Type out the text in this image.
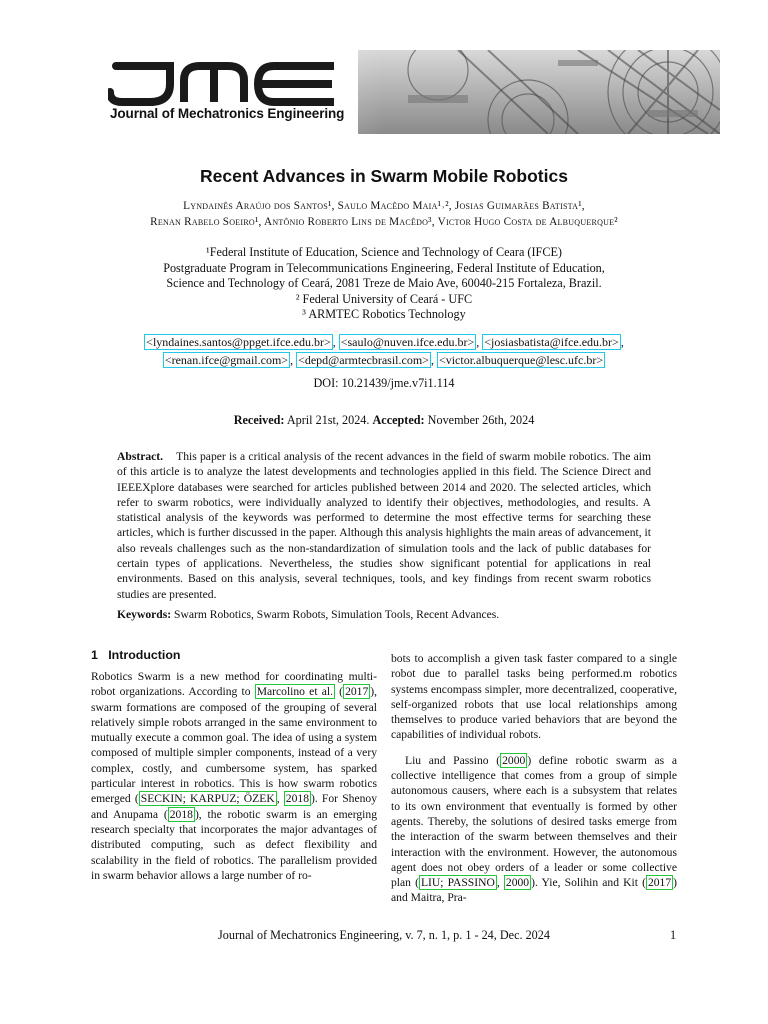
Journal of Mechatronics Engineering
Recent Advances in Swarm Mobile Robotics
Lyndainês Araújo dos Santos¹, Saulo Macêdo Maia¹˒², Josias Guimarães Batista¹,
Renan Rabelo Soeiro¹, Antônio Roberto Lins de Macêdo³, Victor Hugo Costa de Albuquerque²
¹Federal Institute of Education, Science and Technology of Ceara (IFCE)
Postgraduate Program in Telecommunications Engineering, Federal Institute of Education,
Science and Technology of Ceará, 2081 Treze de Maio Ave, 60040-215 Fortaleza, Brazil.
² Federal University of Ceará - UFC
³ ARMTEC Robotics Technology
<lyndaines.santos@ppget.ifce.edu.br> , <saulo@nuven.ifce.edu.br> , <josiasbatista@ifce.edu.br> ,
<renan.ifce@gmail.com> , <depd@armtecbrasil.com> , <victor.albuquerque@lesc.ufc.br>
DOI: 10.21439/jme.v7i1.114
Received: April 21st, 2024. Accepted: November 26th, 2024
Abstract. This paper is a critical analysis of the recent advances in the field of swarm mobile robotics. The aim of this article is to analyze the latest developments and technologies applied in this field. The Science Direct and IEEEXplore databases were searched for articles published between 2014 and 2020. The selected articles, which refer to swarm robotics, were individually analyzed to identify their objectives, methodologies, and results. A statistical analysis of the keywords was performed to determine the most effective terms for searching these articles, which is further discussed in the paper. Although this analysis highlights the main areas of advancement, it also reveals challenges such as the non-standardization of simulation tools and the lack of public databases for certain types of applications. Nevertheless, the studies show significant potential for applications in real environments. Based on this analysis, several techniques, tools, and key findings from recent swarm robotics studies are presented.
Keywords: Swarm Robotics, Swarm Robots, Simulation Tools, Recent Advances.
1 Introduction

Robotics Swarm is a new method for coordinating multi-robot organizations. According to Marcolino et al. ( 2017 ), swarm formations are composed of the grouping of several relatively simple robots arranged in the same environment to mutually execute a common goal. The idea of using a system composed of multiple simpler components, instead of a very complex, costly, and cumbersome system, has sparked particular interest in robotics. This is how swarm robotics emerged ( SECKIN; KARPUZ; ÖZEK , 2018 ). For Shenoy and Anupama ( 2018 ), the robotic swarm is an emerging research specialty that incorporates the major advantages of distributed computing, such as defect flexibility and scalability in the field of robotics. The parallelism provided in swarm behavior allows a large number of ro-

bots to accomplish a given task faster compared to a single robot due to parallel tasks being performed.m robotics systems encompass simpler, more decentralized, cooperative, self-organized robots that use local relationships among themselves to produce varied behaviors that are beyond the capabilities of individual robots.

Liu and Passino ( 2000 ) define robotic swarm as a collective intelligence that comes from a group of simple autonomous causers, where each is a subsystem that relates to its own environment that eventually is formed by other agents. Thereby, the solutions of desired tasks emerge from the interaction of the swarm between themselves and their interaction with the environment. However, the autonomous agent does not obey orders of a leader or some collective plan ( LIU; PASSINO , 2000 ). Yie, Solihin and Kit ( 2017 ) and Maitra, Pra-

Journal of Mechatronics Engineering, v. 7, n. 1, p. 1 - 24, Dec. 2024	1
